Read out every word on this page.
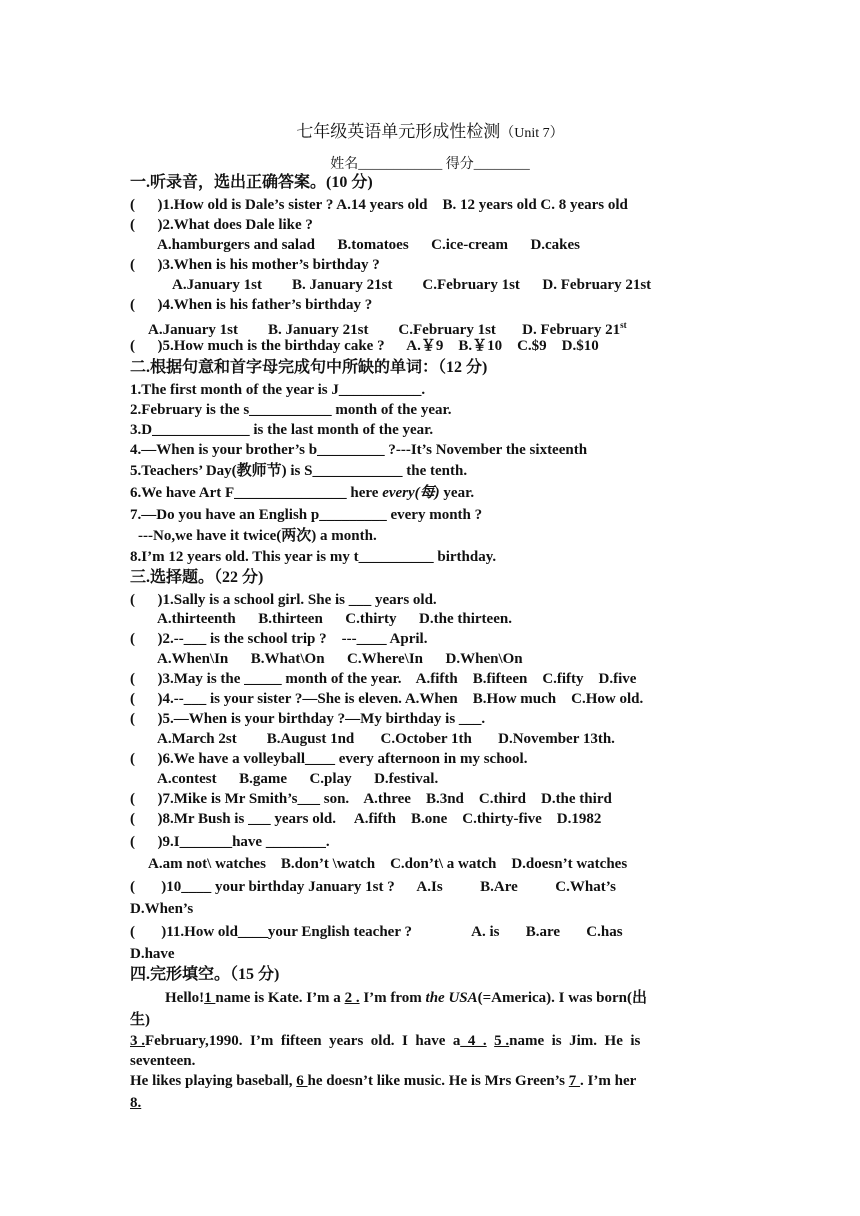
七年级英语单元形成性检测（Unit 7）
姓名____________ 得分________
一.听录音，选出正确答案。(10 分)
(      )1.How old is Dale’s sister ? A.14 years old    B. 12 years old C. 8 years old
(      )2.What does Dale like ?
A.hamburgers and salad      B.tomatoes      C.ice-cream      D.cakes
(      )3.When is his mother’s birthday ?
A.January 1st        B. January 21st        C.February 1st      D. February 21st
(      )4.When is his father’s birthday ?
A.January 1st        B. January 21st        C.February 1st       D. February 21st
(      )5.How much is the birthday cake ?      A.￥9    B.￥10    C.$9    D.$10
二.根据句意和首字母完成句中所缺的单词：（12 分)
1.The first month of the year is J___________.
2.February is the s___________ month of the year.
3.D_____________ is the last month of the year.
4.—When is your brother’s b_________ ?---It’s November the sixteenth
5.Teachers’ Day(教师节) is S____________ the tenth.
6.We have Art F_______________ here every(每) year.
7.—Do you have an English p_________ every month ?
---No,we have it twice(两次) a month.
8.I’m 12 years old. This year is my t__________ birthday.
三.选择题。（22 分)
(      )1.Sally is a school girl. She is ___ years old.
A.thirteenth      B.thirteen      C.thirty      D.the thirteen.
(      )2.--___ is the school trip ?    ---____ April.
A.When\In      B.What\On      C.Where\In      D.When\On
(      )3.May is the _____ month of the year.    A.fifth    B.fifteen    C.fifty    D.five
(      )4.--___ is your sister ?—She is eleven. A.When    B.How much    C.How old.
(      )5.—When is your birthday ?—My birthday is ___.
A.March 2st        B.August 1nd       C.October 1th       D.November 13th.
(      )6.We have a volleyball____ every afternoon in my school.
A.contest      B.game      C.play      D.festival.
(      )7.Mike is Mr Smith’s___ son.    A.three    B.3nd    C.third    D.the third
(      )8.Mr Bush is ___ years old.     A.fifth    B.one    C.thirty-five    D.1982
(      )9.I_______have ________.
A.am not\ watches    B.don’t \watch    C.don’t\ a watch    D.doesn’t watches
(       )10____ your birthday January 1st ?      A.Is          B.Are          C.What’s
D.When’s
(       )11.How old____your English teacher ?                A. is       B.are       C.has
D.have
四.完形填空。（15 分)
Hello!1 name is Kate. I’m a 2 . I’m from the USA(=America). I was born(出
生)
3 .February,1990.  I’m  fifteen  years  old.  I  have  a_4_. 5 .name  is  Jim.  He  is
seventeen.
He likes playing baseball, 6 he doesn’t like music. He is Mrs Green’s 7 . I’m her
8.
